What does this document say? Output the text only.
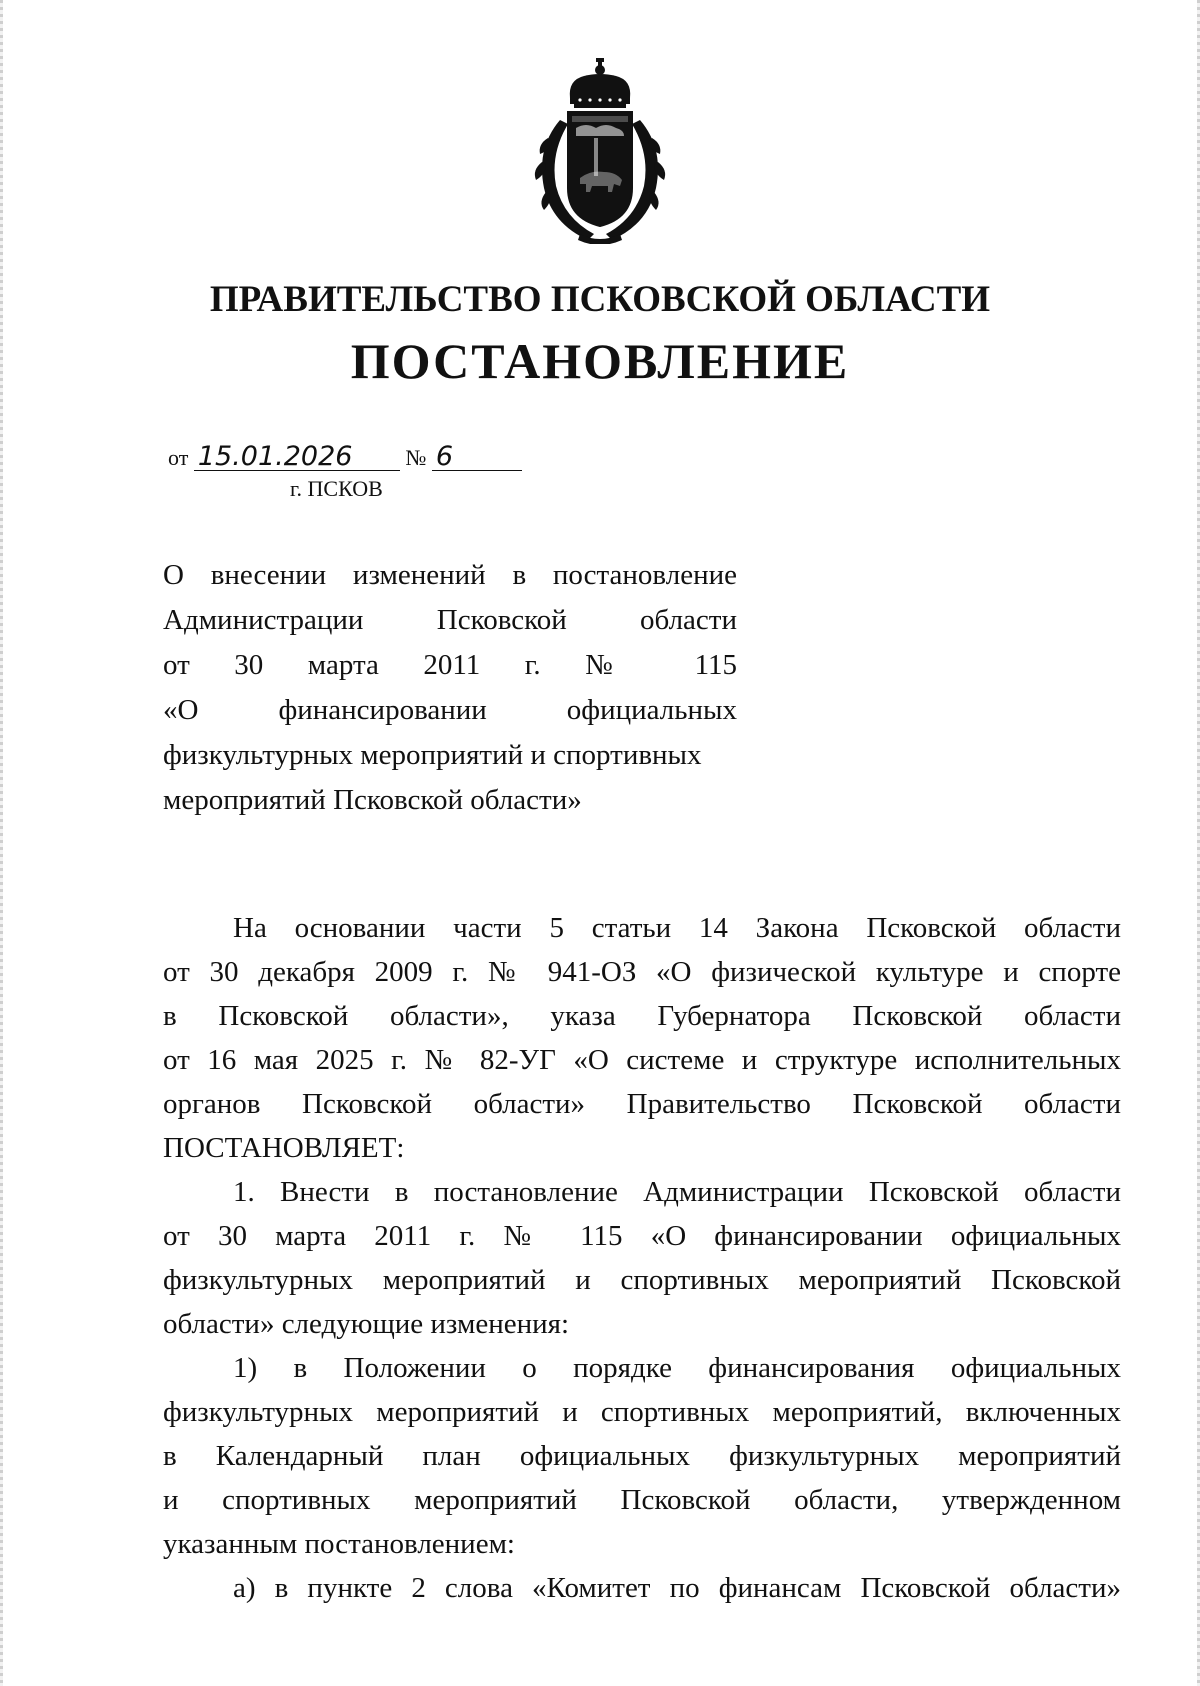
ПРАВИТЕЛЬСТВО ПСКОВСКОЙ ОБЛАСТИ
ПОСТАНОВЛЕНИЕ
от 15.01.2026 № 6
г. ПСКОВ
О внесении изменений в постановление
Администрации Псковской области
от 30 марта 2011 г. № 115
«О финансировании официальных
физкультурных мероприятий и спортивных
мероприятий Псковской области»
На основании части 5 статьи 14 Закона Псковской области
от 30 декабря 2009 г. № 941-ОЗ «О физической культуре и спорте
в Псковской области», указа Губернатора Псковской области
от 16 мая 2025 г. № 82-УГ «О системе и структуре исполнительных
органов Псковской области» Правительство Псковской области
ПОСТАНОВЛЯЕТ:
1. Внести в постановление Администрации Псковской области
от 30 марта 2011 г. № 115 «О финансировании официальных
физкультурных мероприятий и спортивных мероприятий Псковской
области» следующие изменения:
1) в Положении о порядке финансирования официальных
физкультурных мероприятий и спортивных мероприятий, включенных
в Календарный план официальных физкультурных мероприятий
и спортивных мероприятий Псковской области, утвержденном
указанным постановлением:
а) в пункте 2 слова «Комитет по финансам Псковской области»
